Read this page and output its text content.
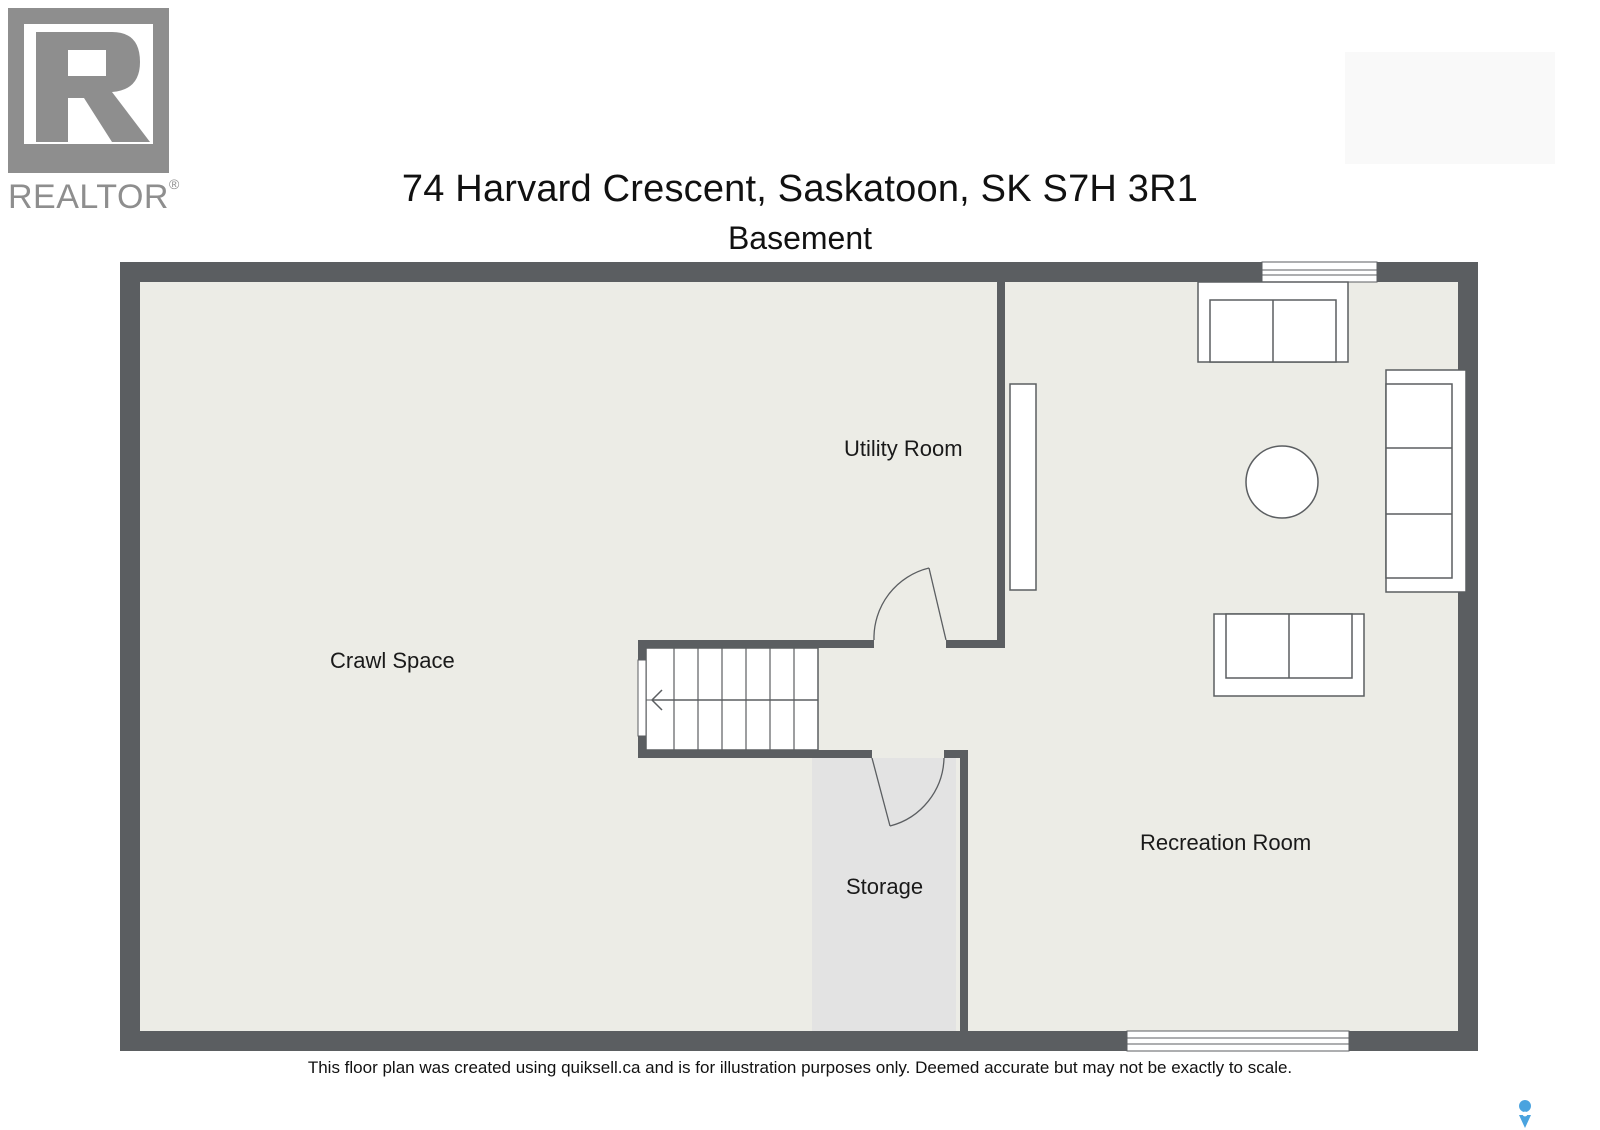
REALTOR®	74 Harvard Crescent, Saskatoon, SK S7H 3R1
Basement
Crawl Space
Utility Room
Storage
Recreation Room
This floor plan was created using quiksell.ca and is for illustration purposes only. Deemed accurate but may not be exactly to scale.
